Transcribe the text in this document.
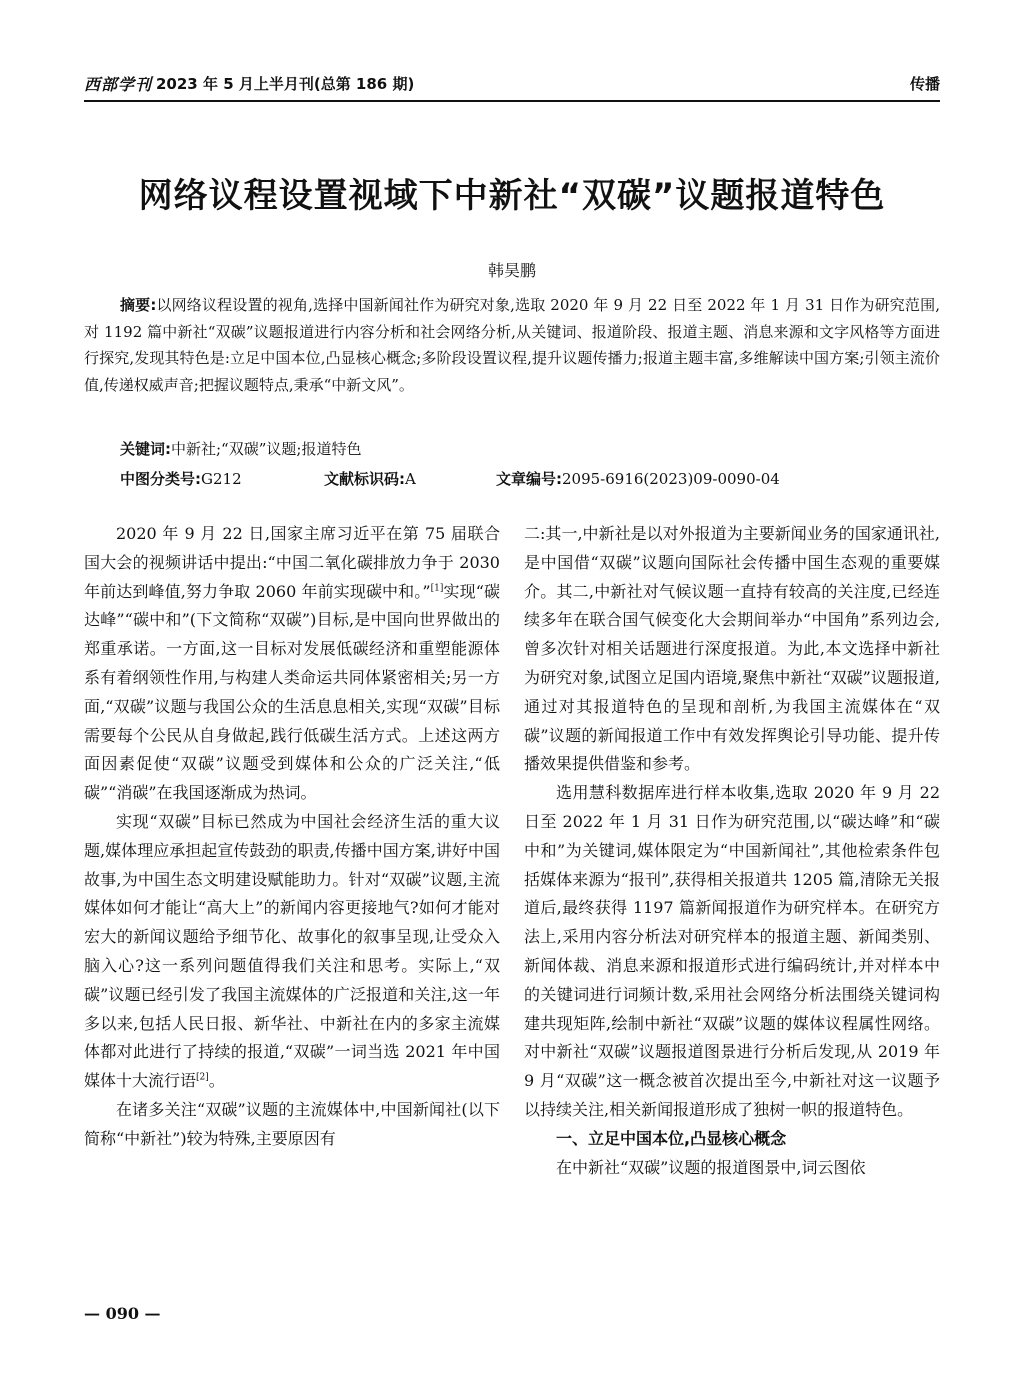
西部学刊 2023 年 5 月上半月刊(总第 186 期)	传播
网络议程设置视域下中新社“双碳”议题报道特色
韩昊鹏
摘要:以网络议程设置的视角,选择中国新闻社作为研究对象,选取 2020 年 9 月 22 日至 2022 年 1 月 31 日作为研究范围,对 1192 篇中新社“双碳”议题报道进行内容分析和社会网络分析,从关键词、报道阶段、报道主题、消息来源和文字风格等方面进行探究,发现其特色是:立足中国本位,凸显核心概念;多阶段设置议程,提升议题传播力;报道主题丰富,多维解读中国方案;引领主流价值,传递权威声音;把握议题特点,秉承“中新文风”。
关键词:中新社;“双碳”议题;报道特色
中图分类号:G212	文献标识码:A	文章编号:2095-6916(2023)09-0090-04

2020 年 9 月 22 日,国家主席习近平在第 75 届联合国大会的视频讲话中提出:“中国二氧化碳排放力争于 2030 年前达到峰值,努力争取 2060 年前实现碳中和。”[1]实现“碳达峰”“碳中和”(下文简称“双碳”)目标,是中国向世界做出的郑重承诺。一方面,这一目标对发展低碳经济和重塑能源体系有着纲领性作用,与构建人类命运共同体紧密相关;另一方面,“双碳”议题与我国公众的生活息息相关,实现“双碳”目标需要每个公民从自身做起,践行低碳生活方式。上述这两方面因素促使“双碳”议题受到媒体和公众的广泛关注,“低碳”“消碳”在我国逐渐成为热词。

实现“双碳”目标已然成为中国社会经济生活的重大议题,媒体理应承担起宣传鼓劲的职责,传播中国方案,讲好中国故事,为中国生态文明建设赋能助力。针对“双碳”议题,主流媒体如何才能让“高大上”的新闻内容更接地气?如何才能对宏大的新闻议题给予细节化、故事化的叙事呈现,让受众入脑入心?这一系列问题值得我们关注和思考。实际上,“双碳”议题已经引发了我国主流媒体的广泛报道和关注,这一年多以来,包括人民日报、新华社、中新社在内的多家主流媒体都对此进行了持续的报道,“双碳”一词当选 2021 年中国媒体十大流行语[2]。

在诸多关注“双碳”议题的主流媒体中,中国新闻社(以下简称“中新社”)较为特殊,主要原因有

二:其一,中新社是以对外报道为主要新闻业务的国家通讯社,是中国借“双碳”议题向国际社会传播中国生态观的重要媒介。其二,中新社对气候议题一直持有较高的关注度,已经连续多年在联合国气候变化大会期间举办“中国角”系列边会,曾多次针对相关话题进行深度报道。为此,本文选择中新社为研究对象,试图立足国内语境,聚焦中新社“双碳”议题报道,通过对其报道特色的呈现和剖析,为我国主流媒体在“双碳”议题的新闻报道工作中有效发挥舆论引导功能、提升传播效果提供借鉴和参考。

选用慧科数据库进行样本收集,选取 2020 年 9 月 22 日至 2022 年 1 月 31 日作为研究范围,以“碳达峰”和“碳中和”为关键词,媒体限定为“中国新闻社”,其他检索条件包括媒体来源为“报刊”,获得相关报道共 1205 篇,清除无关报道后,最终获得 1197 篇新闻报道作为研究样本。在研究方法上,采用内容分析法对研究样本的报道主题、新闻类别、新闻体裁、消息来源和报道形式进行编码统计,并对样本中的关键词进行词频计数,采用社会网络分析法围绕关键词构建共现矩阵,绘制中新社“双碳”议题的媒体议程属性网络。对中新社“双碳”议题报道图景进行分析后发现,从 2019 年 9 月“双碳”这一概念被首次提出至今,中新社对这一议题予以持续关注,相关新闻报道形成了独树一帜的报道特色。

一、立足中国本位,凸显核心概念

在中新社“双碳”议题的报道图景中,词云图依

— 090 —
